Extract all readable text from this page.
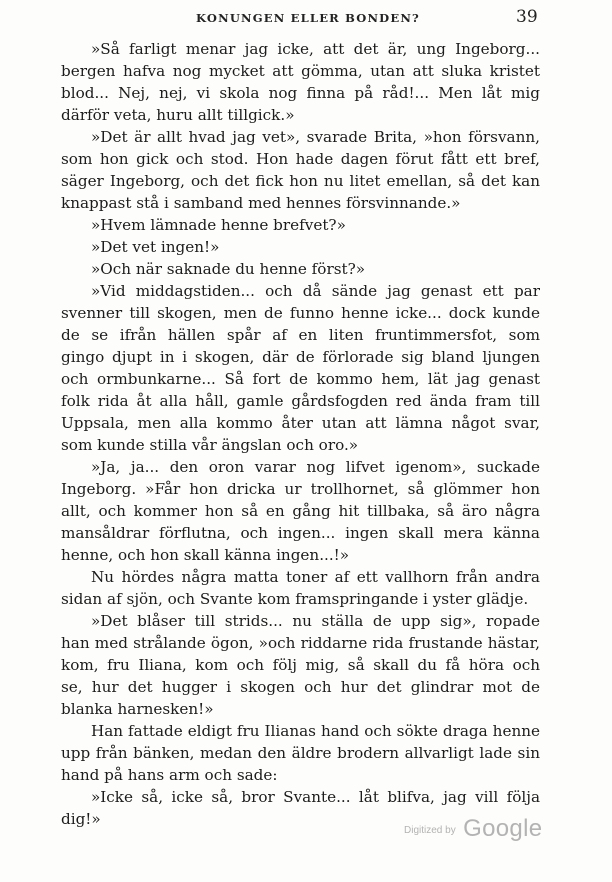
KONUNGEN ELLER BONDEN?	39
»Så farligt menar jag icke, att det är, ung Ingeborg...
bergen hafva nog mycket att gömma, utan att sluka kristet
blod... Nej, nej, vi skola nog finna på råd!... Men låt mig
därför veta, huru allt tillgick.»
»Det är allt hvad jag vet», svarade Brita, »hon försvann,
som hon gick och stod. Hon hade dagen förut fått ett bref,
säger Ingeborg, och det fick hon nu litet emellan, så det kan
knappast stå i samband med hennes försvinnande.»
»Hvem lämnade henne brefvet?»
»Det vet ingen!»
»Och när saknade du henne först?»
»Vid middagstiden... och då sände jag genast ett par
svenner till skogen, men de funno henne icke... dock kunde
de se ifrån hällen spår af en liten fruntimmersfot, som
gingo djupt in i skogen, där de förlorade sig bland ljungen
och ormbunkarne... Så fort de kommo hem, lät jag genast
folk rida åt alla håll, gamle gårdsfogden red ända fram till
Uppsala, men alla kommo åter utan att lämna något svar,
som kunde stilla vår ängslan och oro.»
»Ja, ja... den oron varar nog lifvet igenom», suckade
Ingeborg. »Får hon dricka ur trollhornet, så glömmer hon
allt, och kommer hon så en gång hit tillbaka, så äro några
mansåldrar förflutna, och ingen... ingen skall mera känna
henne, och hon skall känna ingen...!»
Nu hördes några matta toner af ett vallhorn från andra
sidan af sjön, och Svante kom framspringande i yster glädje.
»Det blåser till strids... nu ställa de upp sig», ropade
han med strålande ögon, »och riddarne rida frustande hästar,
kom, fru Iliana, kom och följ mig, så skall du få höra och
se, hur det hugger i skogen och hur det glindrar mot de
blanka harnesken!»
Han fattade eldigt fru Ilianas hand och sökte draga henne
upp från bänken, medan den äldre brodern allvarligt lade sin
hand på hans arm och sade:
»Icke så, icke så, bror Svante... låt blifva, jag vill följa
dig!»
Digitized by Google
